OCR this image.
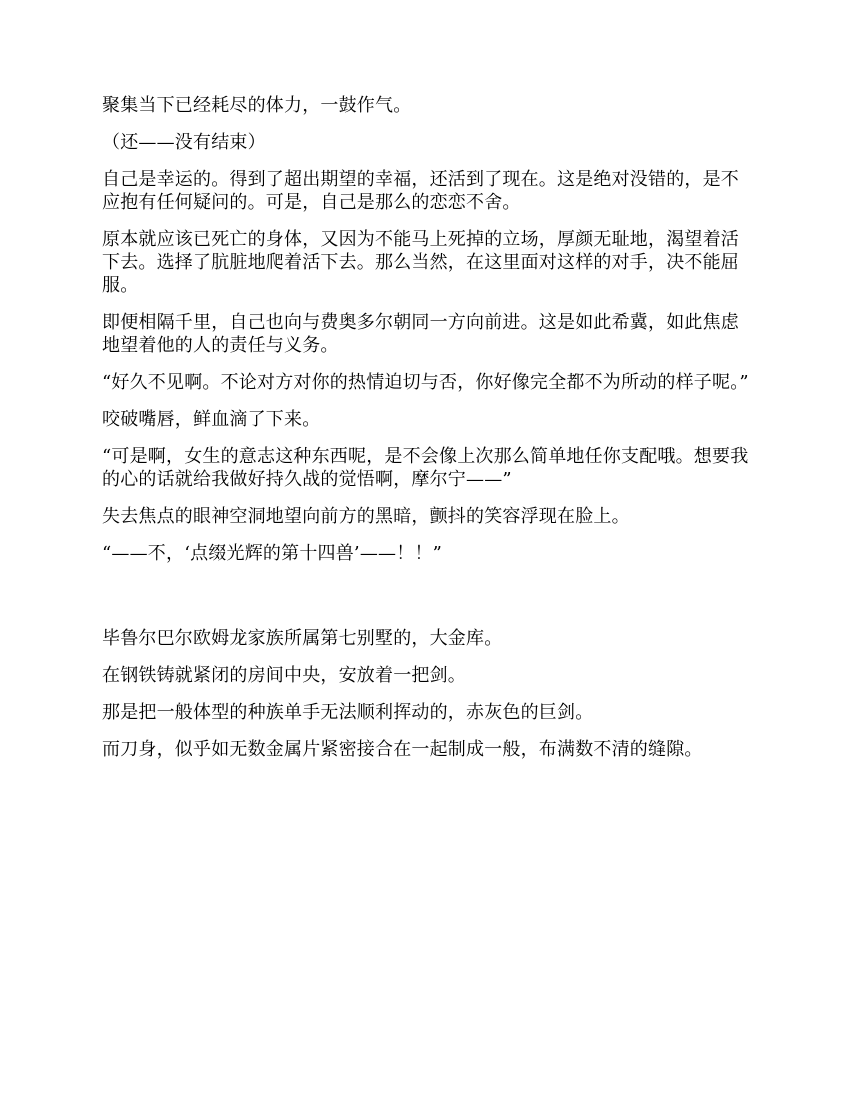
聚集当下已经耗尽的体力，一鼓作气。

（还——没有结束）

自己是幸运的。得到了超出期望的幸福，还活到了现在。这是绝对没错的，是不应抱有任何疑问的。可是，自己是那么的恋恋不舍。

原本就应该已死亡的身体，又因为不能马上死掉的立场，厚颜无耻地，渴望着活下去。选择了肮脏地爬着活下去。那么当然，在这里面对这样的对手，决不能屈服。

即便相隔千里，自己也向与费奥多尔朝同一方向前进。这是如此希冀，如此焦虑地望着他的人的责任与义务。

“好久不见啊。不论对方对你的热情迫切与否，你好像完全都不为所动的样子呢。”

咬破嘴唇，鲜血滴了下来。

“可是啊，女生的意志这种东西呢，是不会像上次那么简单地任你支配哦。想要我的心的话就给我做好持久战的觉悟啊，摩尔宁——”

失去焦点的眼神空洞地望向前方的黑暗，颤抖的笑容浮现在脸上。

“——不，‘点缀光辉的第十四兽’——！！”

毕鲁尔巴尔欧姆龙家族所属第七别墅的，大金库。

在钢铁铸就紧闭的房间中央，安放着一把剑。

那是把一般体型的种族单手无法顺利挥动的，赤灰色的巨剑。

而刀身，似乎如无数金属片紧密接合在一起制成一般，布满数不清的缝隙。
